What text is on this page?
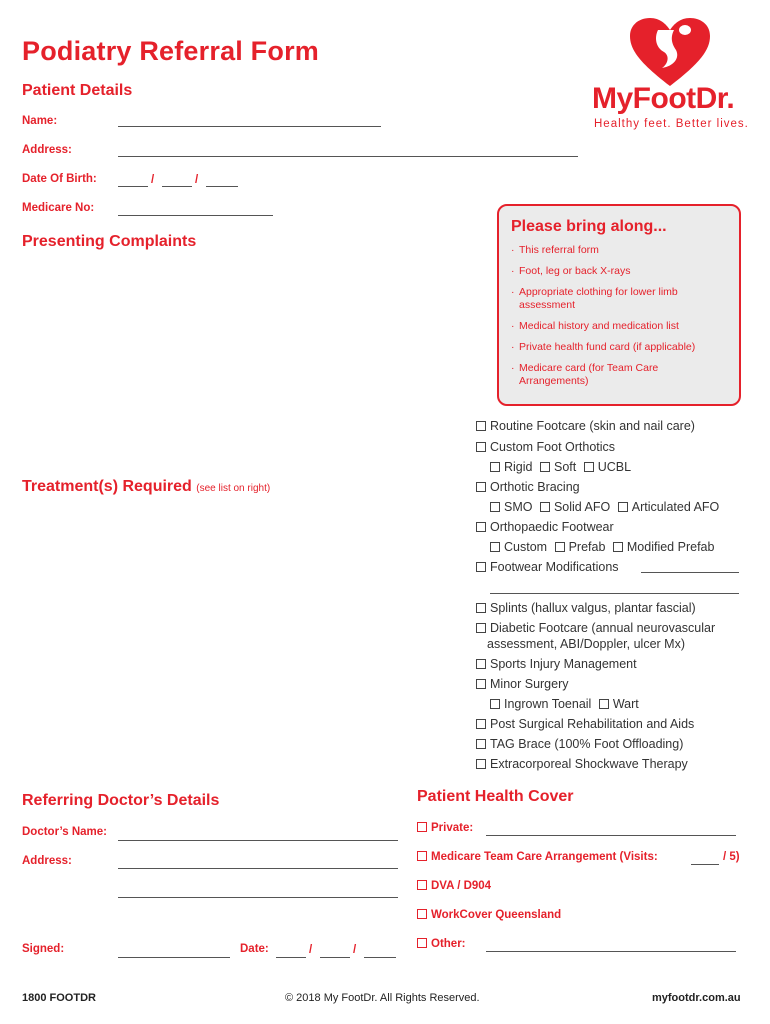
Podiatry Referral Form
MyFootDr.
Healthy feet. Better lives.
Patient Details
Name:
Address:
Date Of Birth:	/	/
Medicare No:
Presenting Complaints
Please bring along...
· This referral form
· Foot, leg or back X-rays
· Appropriate clothing for lower limb assessment
· Medical history and medication list
· Private health fund card (if applicable)
· Medicare card (for Team Care Arrangements)
Treatment(s) Required (see list on right)
Routine Footcare (skin and nail care)
Custom Foot Orthotics
Rigid Soft UCBL
Orthotic Bracing
SMO Solid AFO Articulated AFO
Orthopaedic Footwear
Custom Prefab Modified Prefab
Footwear Modifications
Splints (hallux valgus, plantar fascial)
Diabetic Footcare (annual neurovascular
assessment, ABI/Doppler, ulcer Mx)
Sports Injury Management
Minor Surgery
Ingrown Toenail Wart
Post Surgical Rehabilitation and Aids
TAG Brace (100% Foot Offloading)
Extracorporeal Shockwave Therapy
Referring Doctor’s Details
Doctor’s Name:
Address:
Signed:	Date:	/	/
Patient Health Cover
Private:
Medicare Team Care Arrangement (Visits:	/ 5)
DVA / D904
WorkCover Queensland
Other:
1800 FOOTDR	© 2018 My FootDr. All Rights Reserved.	myfootdr.com.au
